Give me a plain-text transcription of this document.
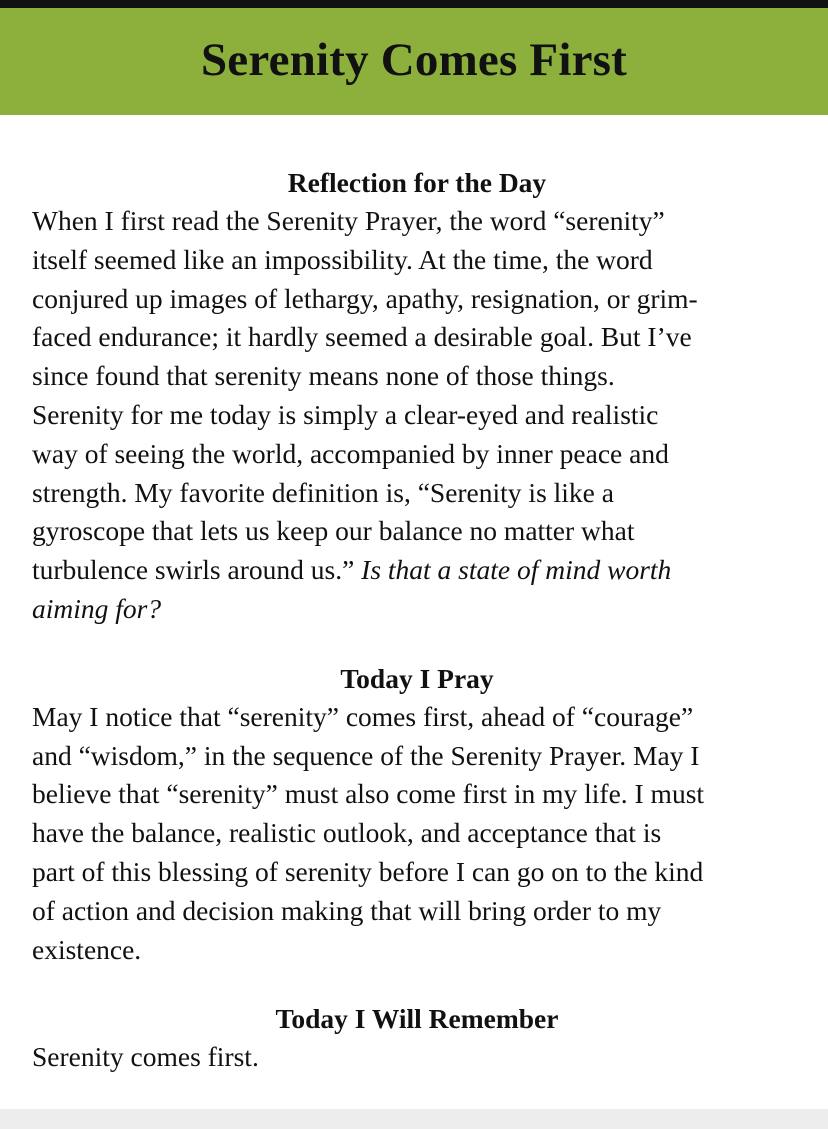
Serenity Comes First

Reflection for the Day

When I first read the Serenity Prayer, the word “serenity”
itself seemed like an impossibility. At the time, the word
conjured up images of lethargy, apathy, resignation, or grim-
faced endurance; it hardly seemed a desirable goal. But I’ve
since found that serenity means none of those things.
Serenity for me today is simply a clear-eyed and realistic
way of seeing the world, accompanied by inner peace and
strength. My favorite definition is, “Serenity is like a
gyroscope that lets us keep our balance no matter what
turbulence swirls around us.” Is that a state of mind worth
aiming for?

Today I Pray

May I notice that “serenity” comes first, ahead of “courage”
and “wisdom,” in the sequence of the Serenity Prayer. May I
believe that “serenity” must also come first in my life. I must
have the balance, realistic outlook, and acceptance that is
part of this blessing of serenity before I can go on to the kind
of action and decision making that will bring order to my
existence.

Today I Will Remember

Serenity comes first.
